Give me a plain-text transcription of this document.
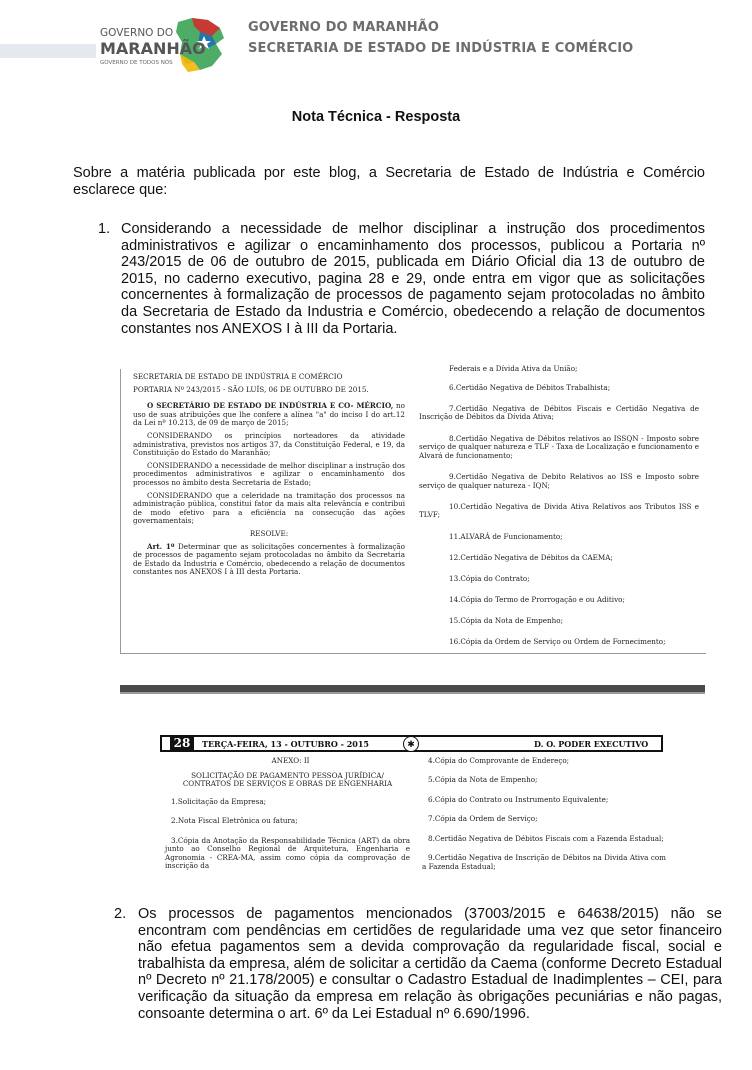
GOVERNO DO
MARANHÃO
GOVERNO DE TODOS NÓS
GOVERNO DO MARANHÃO
SECRETARIA DE ESTADO DE INDÚSTRIA E COMÉRCIO
Nota Técnica - Resposta
Sobre a matéria publicada por este blog, a Secretaria de Estado de Indústria e Comércio esclarece que:
1. Considerando a necessidade de melhor disciplinar a instrução dos procedimentos administrativos e agilizar o encaminhamento dos processos, publicou a Portaria nº 243/2015 de 06 de outubro de 2015, publicada em Diário Oficial dia 13 de outubro de 2015, no caderno executivo, pagina 28 e 29, onde entra em vigor que as solicitações concernentes à formalização de processos de pagamento sejam protocoladas no âmbito da Secretaria de Estado da Industria e Comércio, obedecendo a relação de documentos constantes nos ANEXOS I à III da Portaria.

SECRETARIA DE ESTADO DE INDÚSTRIA E COMÉRCIO

PORTARIA Nº 243/2015 - SÃO LUÍS, 06 DE OUTUBRO DE 2015.

O SECRETÁRIO DE ESTADO DE INDÚSTRIA E CO- MÉRCIO, no uso de suas atribuições que lhe confere a alínea "a" do inciso I do art.12 da Lei nº 10.213, de 09 de março de 2015;

CONSIDERANDO os princípios norteadores da atividade administrativa, previstos nos artigos 37, da Constituição Federal, e 19, da Constituição do Estado do Maranhão;

CONSIDERANDO a necessidade de melhor disciplinar a instrução dos procedimentos administrativos e agilizar o encaminhamento dos processos no âmbito desta Secretaria de Estado;

CONSIDERANDO que a celeridade na tramitação dos processos na administração pública, constitui fator da mais alta relevância e contribui de modo efetivo para a eficiência na consecução das ações governamentais;

RESOLVE:

Art. 1º Determinar que as solicitações concernentes à formalização de processos de pagamento sejam protocoladas no âmbito da Secretaria de Estado da Industria e Comércio, obedecendo a relação de documentos constantes nos ANEXOS I à III desta Portaria.

Federais e a Dívida Ativa da União;

6.Certidão Negativa de Débitos Trabalhista;

7.Certidão Negativa de Débitos Fiscais e Certidão Negativa de Inscrição de Débitos da Dívida Ativa;

8.Certidão Negativa de Débitos relativos ao ISSQN - Imposto sobre serviço de qualquer natureza e TLF - Taxa de Localização e funcionamento e Alvará de funcionamento;

9.Certidão Negativa de Debito Relativos ao ISS e Imposto sobre serviço de qualquer natureza - IQN;

10.Certidão Negativa de Divida Ativa Relativos aos Tributos ISS e TLVF;

11.ALVARÁ de Funcionamento;

12.Certidão Negativa de Débitos da CAEMA;

13.Cópia do Contrato;

14.Cópia do Termo de Prorrogação e ou Aditivo;

15.Cópia da Nota de Empenho;

16.Cópia da Ordem de Serviço ou Ordem de Fornecimento;

28	TERÇA-FEIRA, 13 - OUTUBRO - 2015	✱	D. O. PODER EXECUTIVO

ANEXO: II

SOLICITAÇÃO DE PAGAMENTO PESSOA JURÍDICA/ CONTRATOS DE SERVIÇOS E OBRAS DE ENGENHARIA

1.Solicitação da Empresa;

2.Nota Fiscal Eletrônica ou fatura;

3.Cópia da Anotação da Responsabilidade Técnica (ART) da obra junto ao Conselho Regional de Arquitetura, Engenharia e Agronomia - CREA-MA, assim como cópia da comprovação de inscrição da

4.Cópia do Comprovante de Endereço;

5.Cópia da Nota de Empenho;

6.Cópia do Contrato ou Instrumento Equivalente;

7.Cópia da Ordem de Serviço;

8.Certidão Negativa de Débitos Fiscais com a Fazenda Estadual;

9.Certidão Negativa de Inscrição de Débitos na Divida Ativa com a Fazenda Estadual;

2. Os processos de pagamentos mencionados (37003/2015 e 64638/2015) não se encontram com pendências em certidões de regularidade uma vez que setor financeiro não efetua pagamentos sem a devida comprovação da regularidade fiscal, social e trabalhista da empresa, além de solicitar a certidão da Caema (conforme Decreto Estadual nº Decreto nº 21.178/2005) e consultar o Cadastro Estadual de Inadimplentes – CEI, para verificação da situação da empresa em relação às obrigações pecuniárias e não pagas, consoante determina o art. 6º da Lei Estadual nº 6.690/1996.
